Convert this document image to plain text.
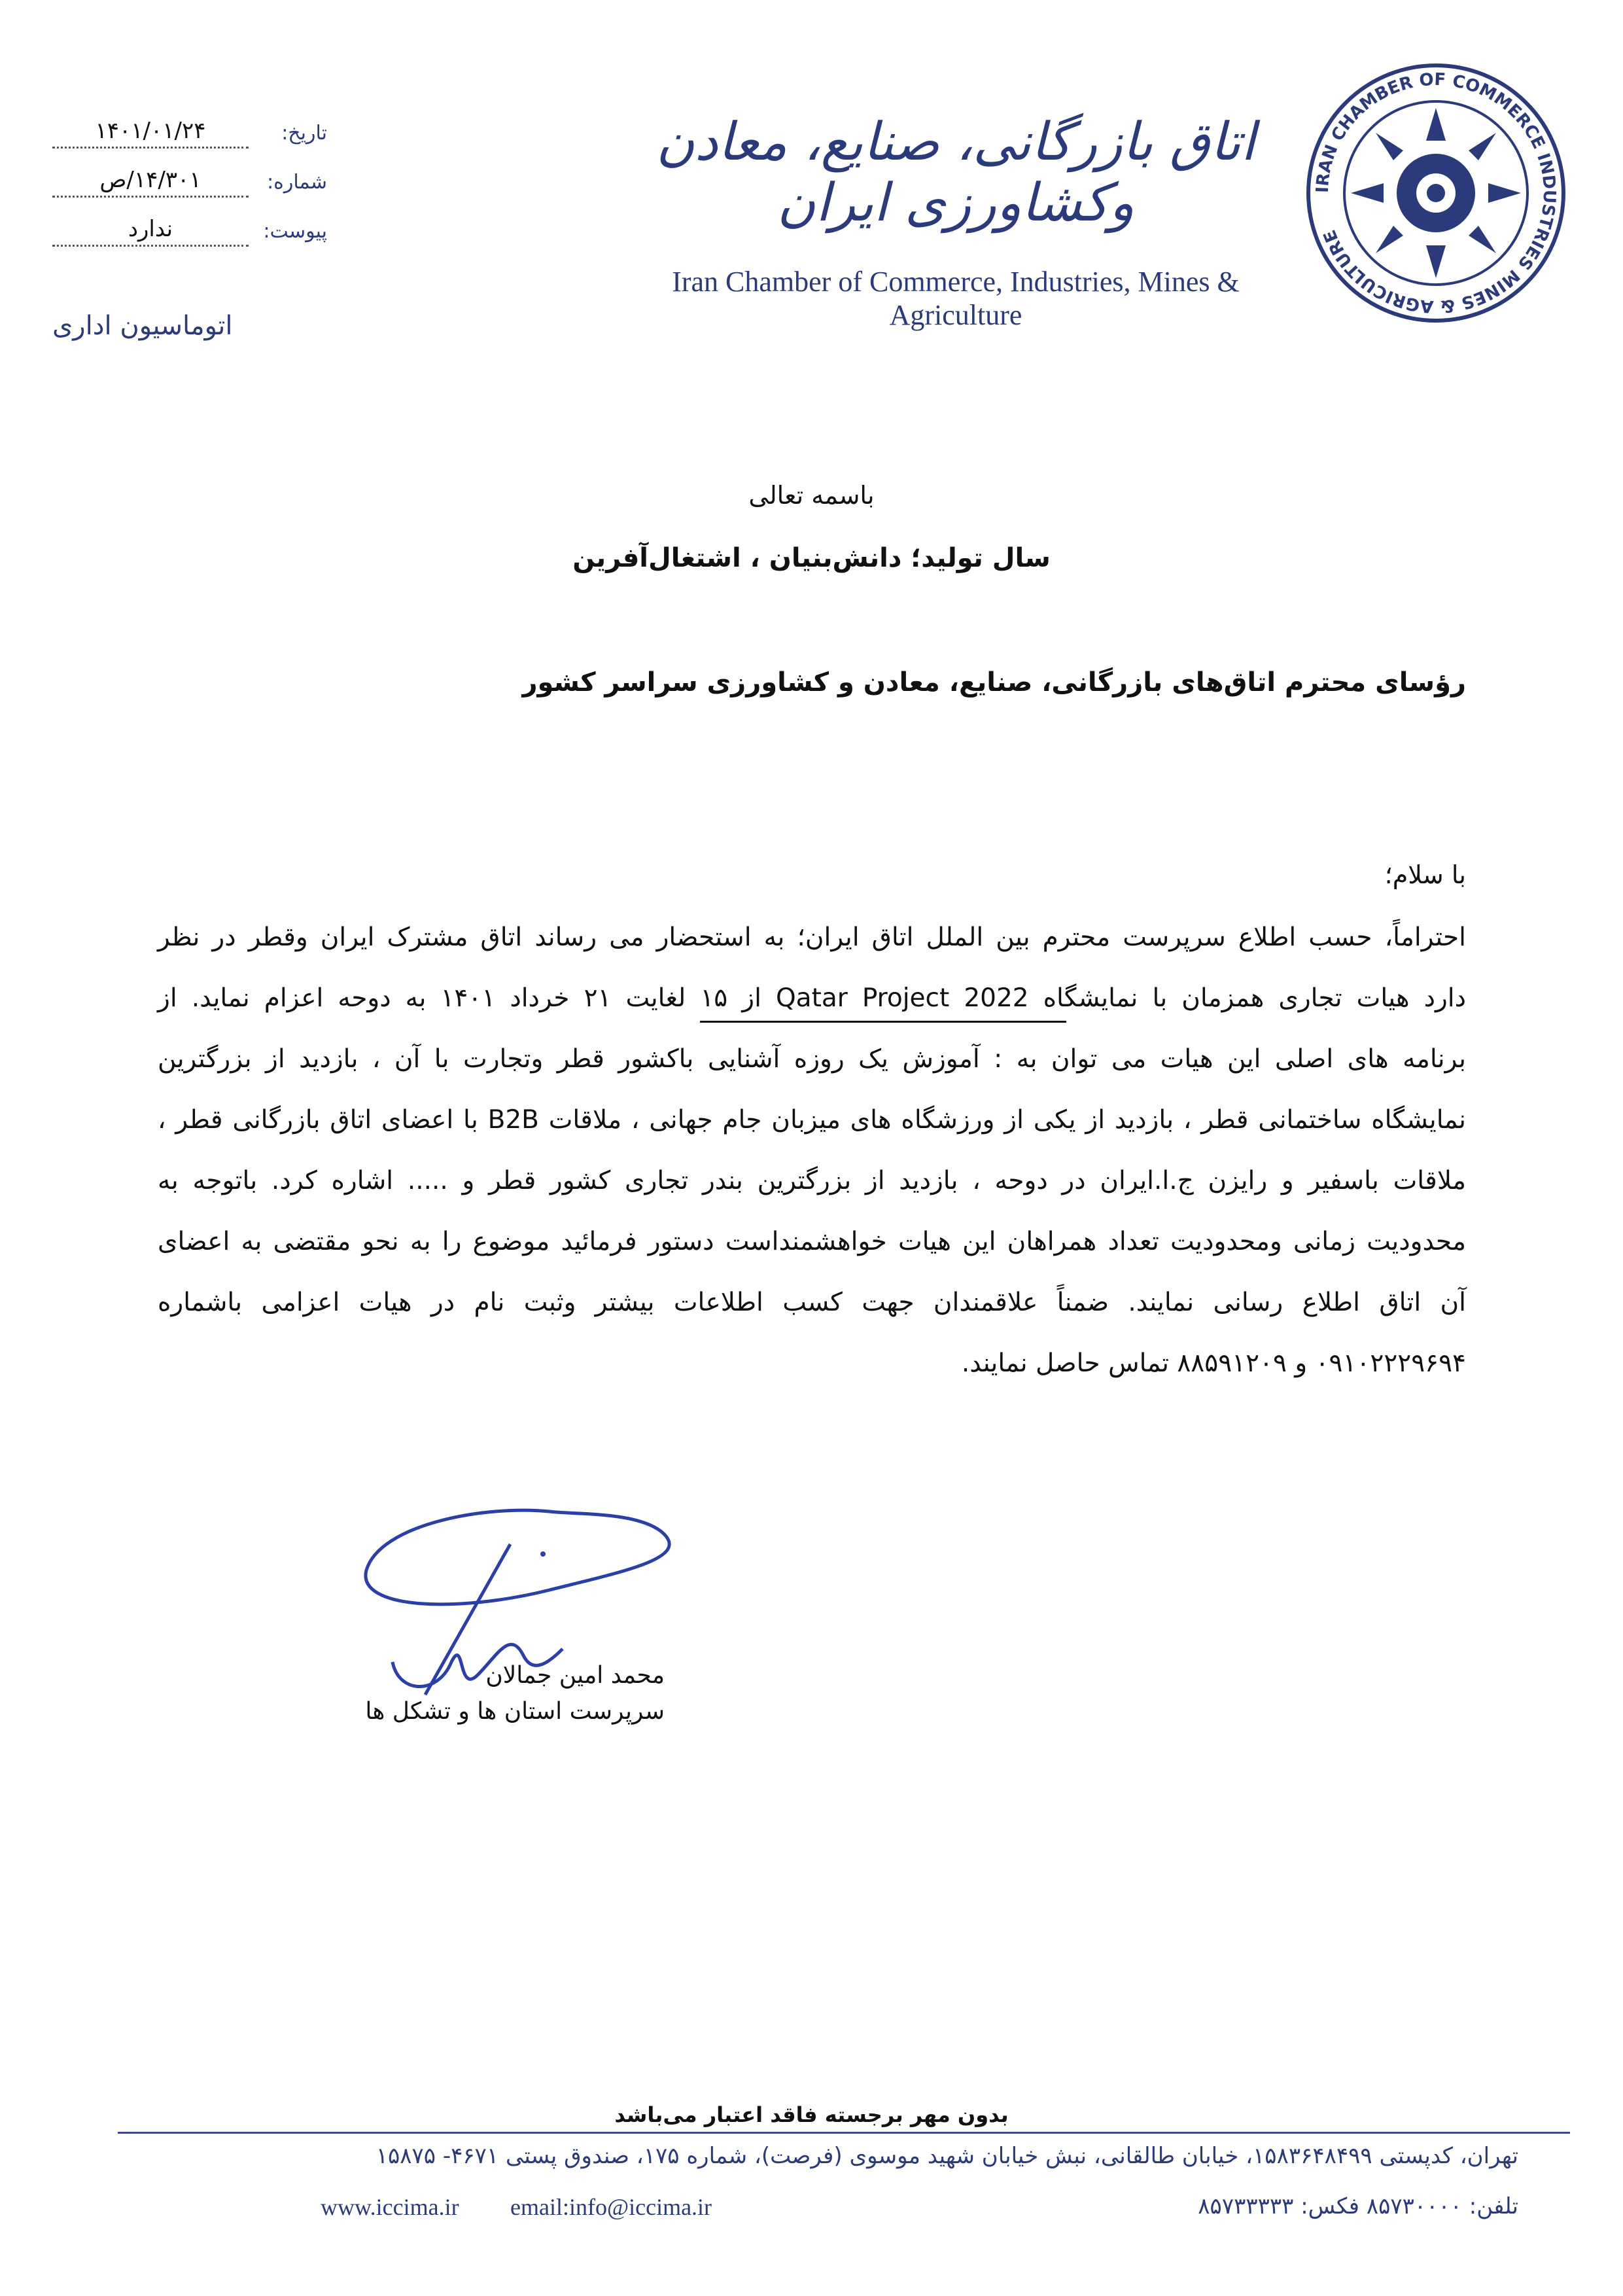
تاریخ:
۱۴۰۱/۰۱/۲۴
شماره:
۱۴/۳۰۱/ص
پیوست:
ندارد
اتوماسیون اداری
اتاق بازرگانی، صنایع، معادن وکشاورزی ایران
Iran Chamber of Commerce, Industries, Mines & Agriculture
IRAN CHAMBER OF COMMERCE INDUSTRIES MINES & AGRICULTURE
باسمه تعالی
سال تولید؛ دانش‌بنیان ، اشتغال‌آفرین
رؤسای محترم اتاق‌های بازرگانی، صنایع، معادن و کشاورزی سراسر کشور
با سلام؛
احتراماً، حسب اطلاع سرپرست محترم بین الملل اتاق ایران؛ به استحضار می رساند اتاق مشترک ایران وقطر در نظر
دارد هیات تجاری همزمان با نمایشگاه Qatar Project 2022 از ۱۵ لغایت ۲۱ خرداد ۱۴۰۱ به دوحه اعزام نماید. از
برنامه های اصلی این هیات می توان به : آموزش یک روزه آشنایی باکشور قطر وتجارت با آن ، بازدید از بزرگترین
نمایشگاه ساختمانی قطر ، بازدید از یکی از ورزشگاه های میزبان جام جهانی ، ملاقات B2B با اعضای اتاق بازرگانی قطر ،
ملاقات باسفیر و رایزن ج.ا.ایران در دوحه ، بازدید از بزرگترین بندر تجاری کشور قطر و ..... اشاره کرد. باتوجه به
محدودیت زمانی ومحدودیت تعداد همراهان این هیات خواهشمنداست دستور فرمائید موضوع را به نحو مقتضی به اعضای
آن اتاق اطلاع رسانی نمایند. ضمناً علاقمندان جهت کسب اطلاعات بیشتر وثبت نام در هیات اعزامی باشماره
۰۹۱۰۲۲۲۹۶۹۴ و ۸۸۵۹۱۲۰۹ تماس حاصل نمایند.
محمد امین جمالان
سرپرست استان ها و تشکل ها
بدون مهر برجسته فاقد اعتبار می‌باشد
تهران، کدپستی ۱۵۸۳۶۴۸۴۹۹، خیابان طالقانی، نبش خیابان شهید موسوی (فرصت)، شماره ۱۷۵، صندوق پستی ۴۶۷۱- ۱۵۸۷۵
www.iccima.ir email:info@iccima.ir	تلفن: ۸۵۷۳۰۰۰۰ فکس: ۸۵۷۳۳۳۳۳
